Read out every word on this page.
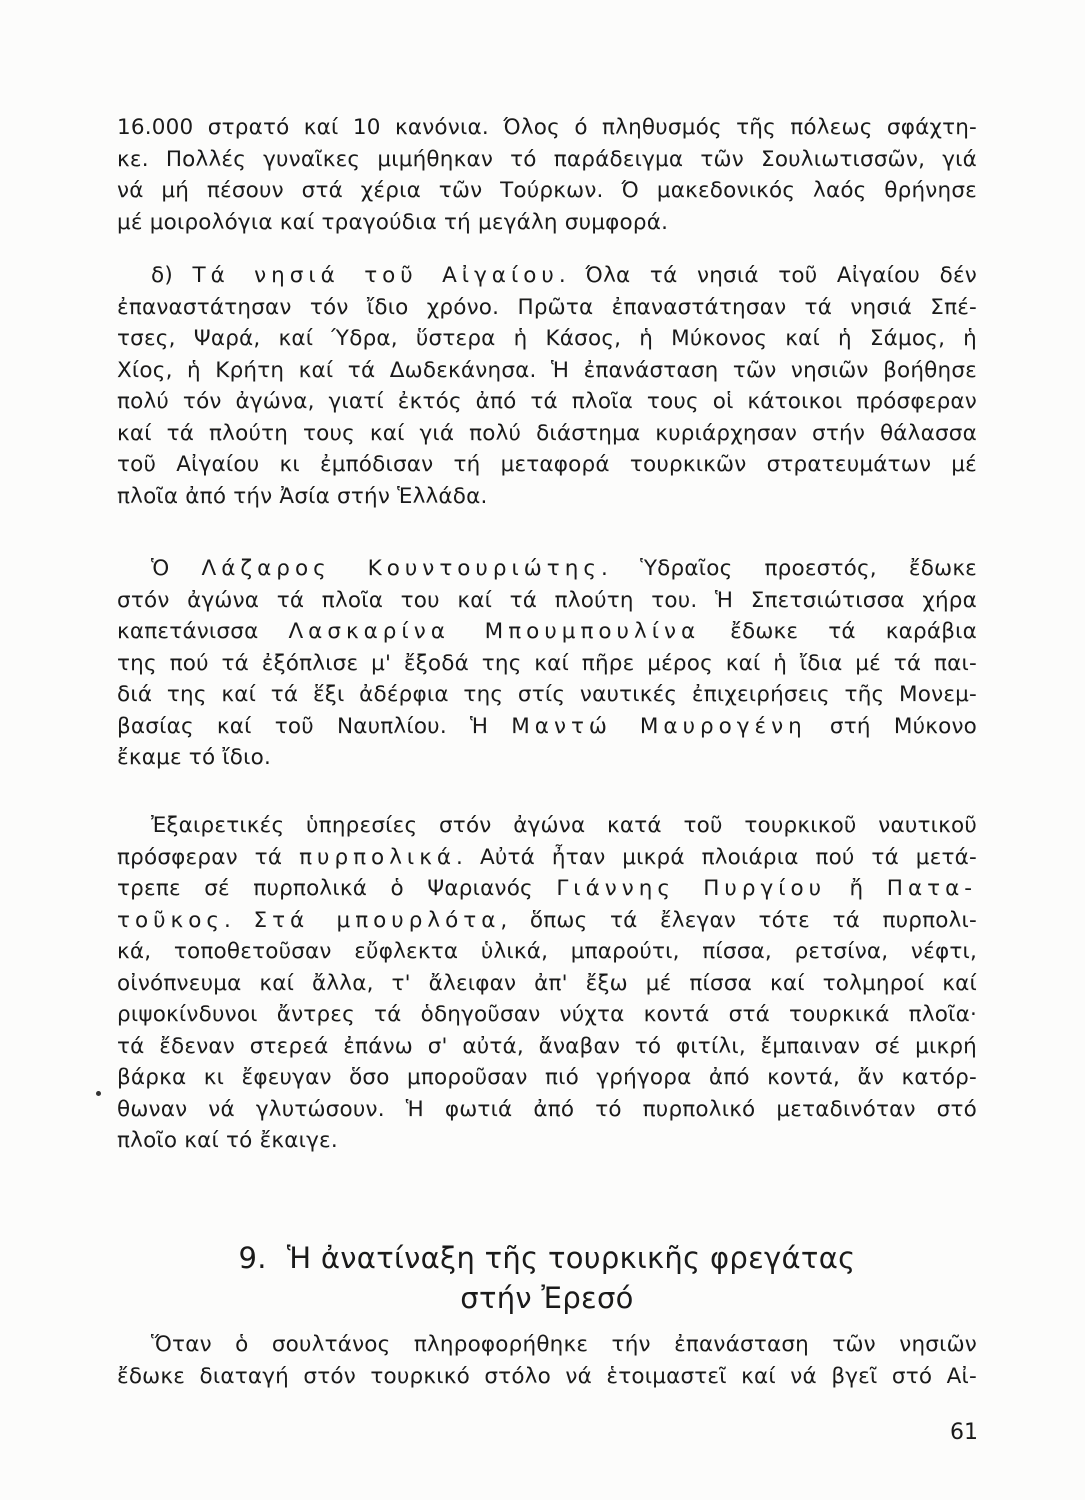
16.000 στρατό καί 10 κανόνια. Όλος ό πληθυσμός τῆς πόλεως σφάχτη-

κε. Πολλές γυναῖκες μιμήθηκαν τό παράδειγμα τῶν Σουλιωτισσῶν, γιά

νά μή πέσουν στά χέρια τῶν Τούρκων. Ό μακεδονικός λαός θρήνησε

μέ μοιρολόγια καί τραγούδια τή μεγάλη συμφορά.

δ) Τά νησιά τοῦ Αἰγαίου. Όλα τά νησιά τοῦ Αἰγαίου δέν

ἐπαναστάτησαν τόν ἴδιο χρόνο. Πρῶτα ἐπαναστάτησαν τά νησιά Σπέ-

τσες, Ψαρά, καί Ύδρα, ὕστερα ἡ Κάσος, ἡ Μύκονος καί ἡ Σάμος, ἡ

Χίος, ἡ Κρήτη καί τά Δωδεκάνησα. Ἡ ἐπανάσταση τῶν νησιῶν βοήθησε

πολύ τόν ἀγώνα, γιατί ἐκτός ἀπό τά πλοῖα τους οἱ κάτοικοι πρόσφεραν

καί τά πλούτη τους καί γιά πολύ διάστημα κυριάρχησαν στήν θάλασσα

τοῦ Αἰγαίου κι ἐμπόδισαν τή μεταφορά τουρκικῶν στρατευμάτων μέ

πλοῖα ἀπό τήν Ἀσία στήν Ἑλλάδα.

Ὁ Λάζαρος Κουντουριώτης. Ὑδραῖος προεστός, ἔδωκε

στόν ἀγώνα τά πλοῖα του καί τά πλούτη του. Ἡ Σπετσιώτισσα χήρα

καπετάνισσα Λασκαρίνα Μπουμπουλίνα ἔδωκε τά καράβια

της πού τά ἐξόπλισε μ' ἔξοδά της καί πῆρε μέρος καί ἡ ἴδια μέ τά παι-

διά της καί τά ἕξι ἀδέρφια της στίς ναυτικές ἐπιχειρήσεις τῆς Μονεμ-

βασίας καί τοῦ Ναυπλίου. Ἡ Μαντώ Μαυρογένη στή Μύκονο

ἔκαμε τό ἴδιο.

Ἐξαιρετικές ὑπηρεσίες στόν ἀγώνα κατά τοῦ τουρκικοῦ ναυτικοῦ

πρόσφεραν τά πυρπολικά. Αὐτά ἦταν μικρά πλοιάρια πού τά μετά-

τρεπε σέ πυρπολικά ὁ Ψαριανός Γιάννης Πυργίου ἤ Πατα-

τοῦκος. Στά μπουρλότα, ὅπως τά ἔλεγαν τότε τά πυρπολι-

κά, τοποθετοῦσαν εὔφλεκτα ὑλικά, μπαρούτι, πίσσα, ρετσίνα, νέφτι,

οἰνόπνευμα καί ἄλλα, τ' ἄλειφαν ἀπ' ἔξω μέ πίσσα καί τολμηροί καί

ριψοκίνδυνοι ἄντρες τά ὁδηγοῦσαν νύχτα κοντά στά τουρκικά πλοῖα·

τά ἔδεναν στερεά ἐπάνω σ' αὐτά, ἄναβαν τό φιτίλι, ἔμπαιναν σέ μικρή

βάρκα κι ἔφευγαν ὅσο μποροῦσαν πιό γρήγορα ἀπό κοντά, ἄν κατόρ-

θωναν νά γλυτώσουν. Ἡ φωτιά ἀπό τό πυρπολικό μεταδινόταν στό

πλοῖο καί τό ἔκαιγε.

9. Ἡ ἀνατίναξη τῆς τουρκικῆς φρεγάτας
στήν Ἐρεσό

Ὅταν ὁ σουλτάνος πληροφορήθηκε τήν ἐπανάσταση τῶν νησιῶν

ἔδωκε διαταγή στόν τουρκικό στόλο νά ἑτοιμαστεῖ καί νά βγεῖ στό Αἰ-

61
